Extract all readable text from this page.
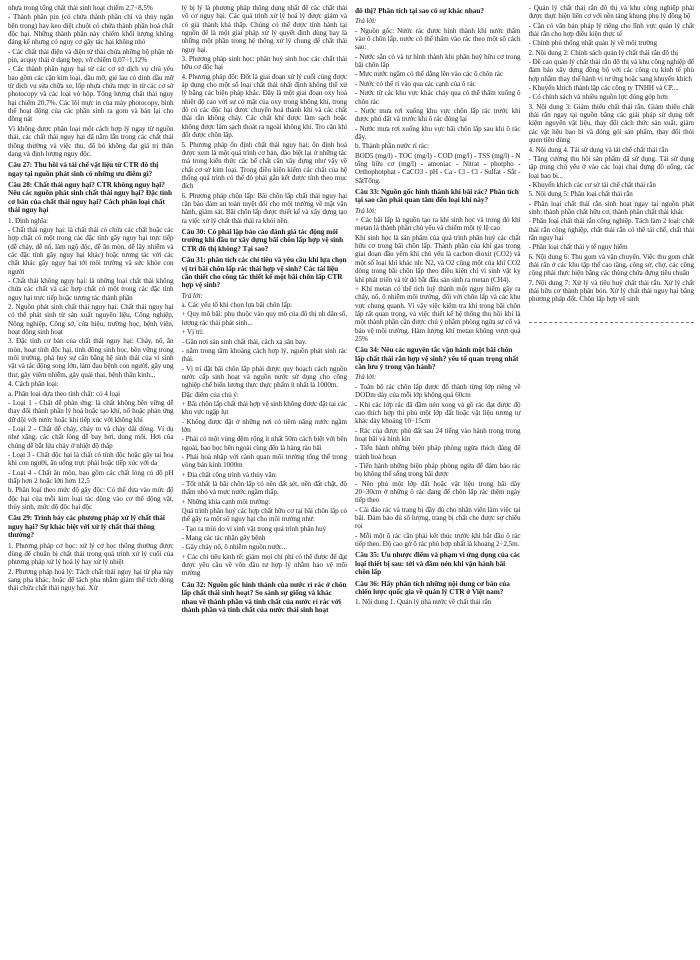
nhựa trong tổng chất thải sinh hoạt chiếm 2,7÷8,5%

- Thành phần pin (có chứa thành phần chì và thủy ngân bên trong) hay keo diệt chuột có chứa thành phần hoá chất độc hại. Những thành phần này chiếm khối lượng không đáng kể nhưng có nguy cơ gây tác hại không nhỏ

- Các chất thải điện và điện tử thải chứa những bộ phận nh pin, acquy thải ở dạng bẹp, vỡ chiếm 0,07÷1,12%

- Các thành phần nguy hại từ các cơ sở dịch vụ chủ yếu bao gồm các cặn kim loại, dầu mỡ, giẻ lau có dính dầu mỡ từ dịch vụ sửa chữa xe, lốp nhựa chứa mực in từ các cơ sở photocopy và các loại vỏ hộp. Tổng lượng chất thải nguy hại chiếm 20,7%. Các lõi mực in của máy photocopy, bình thể hoạt động của các phần sinh ra gom và bán lại cho đồng nát

Vì không được phân loại một cách hợp lý ngay từ nguồn thải, các chất thải nguy hại đã nằm lẫn trong các chất thải thông thường và việc thu, đổ bỏ không đạt giá trị thân dạng và định lượng nguy độc.

Câu 27: Thu hồi và tái chế vật liệu từ CTR đô thị ngay tại nguồn phát sinh có những ưu điểm gì?
Câu 28: Chất thải nguy hại? CTR không nguy hại? Nêu các nguồn phát sinh chất thải nguy hại? Đặc tính cơ bản của chất thải nguy hại? Cách phân loại chất thải nguy hại

1. Định nghĩa:

- Chất thải nguy hại: là chất thải có chứa các chất hoặc các hợp chất có một trong các đặc tính gây nguy hại trực tiếp (dễ cháy, dễ nổ, làm ngộ độc, dễ ăn mòn, dễ lây nhiễm và các đặc tính gây nguy hại khác) hoặc tương tác với các chất khác gây nguy hại tới môi trường và sức khỏe con người

- Chất thải không nguy hại: là những loại chất thải không chứa các chất và các hợp chất có một trong các đặc tính nguy hại trực tiếp hoặc tương tác thành phần

2. Nguồn phát sinh chất thải nguy hại: Chất thải nguy hại có thể phát sinh từ sản xuất nguyên liệu, Công nghiệp, Nông nghiệp, Công sở, cửa hiệu, trường học, bệnh viện, hoạt động sinh hoạt

3. Đặc tính cơ bản của chất thải nguy hại: Cháy, nổ, ăn mòn, hoạt tính độc hại, tính đồng sinh học, bền vững trong môi trường, phá huỷ sự cân bằng hệ sinh thái của vi sinh vật và tác động song lớn, làm đau bệnh con người, gây ung thư, gây viêm nhiễm, gây quái thai, bệnh thần kinh...

4. Cách phân loại:

a. Phân loại dựa theo tính chất: có 4 loại

- Loại 1 - Chất dễ phản ứng: là chất không bền vững dễ thay đổi thành phần lý hoá hoặc tạo khí, nổ hoặc phản ứng dữ dội với nước hoặc khi tiếp xúc với không khí

- Loại 2 - Chất dễ cháy, cháy to và chảy dài dòng. Ví dụ như xăng, các chất lỏng dễ bay hơi, dung môi. Hơi của chúng dễ bắt lửa cháy ở nhiệt độ thấp

- Loại 3 - Chất độc hại là chất có tính độc hoặc gây tai hoạ khi con người, ăn uống trực phải hoặc tiếp xúc với da

- Loại 4 - Chất ăn mòn, bao gồm các chất lỏng có độ pH thấp hơn 2 hoặc lớn hơn 12,5

b. Phân loại theo mức độ gây độc: Có thể dựa vào mức độ độc hại của mỗi kim loại tác động vào cơ thể động vật, thủy sinh, mức độ độc hại độc

Câu 29: Trình bày các phương pháp xử lý chất thải nguy hại? Sự khác biệt với xử lý chất thải thông thường?

1. Phương pháp cơ học: xử lý cơ học thông thường được dùng để chuẩn bị chất thải trong quá trình xử lý cuối của phương pháp xử lý hoá lý hay xử lý nhiệt

2. Phương pháp hoá lý: Tách chất thải nguy hại từ pha này sang pha khác, hoặc để tách pha nhằm giảm thể tích dòng thải chứa chất thải nguy hại. Xử

lý bị lý là phương pháp thông dụng nhất để các chất thải vô cơ nguy hại. Các quá trình xử lý hoá lý được giảm và có giá thành khả thấp. Chúng có thể được tính hành tại nguồn để là một giai pháp xử lý quyết định dùng hay là những một phần trong hệ thống xử lý chung để chất thải nguy hại.

3. Phương pháp sinh học: phân huỷ sinh học các chất thải hữu cơ độc hại

4. Phương pháp đốt: Đốt là giai đoạn xử lý cuối cùng được áp dụng cho một số loại chất thải nhất định không thể xử lý bằng các biện pháp khác. Đây là một giai đoạn oxy hoá nhiệt độ cao với sự có mặt của oxy trong không khí, trong đó có các độc hại được chuyển hoá thành khí và các chất thải rắn không cháy. Các chất khí được làm sạch hoặc không được làm sạch thoát ra ngoài không khí. Tro cặn khi đốt được chôn lấp.

5. Phương pháp ổn định chất thải nguy hại: ổn định hoá được xem là một quá trình cơ bản, đảo biệt lại ở những tác mà trong kiến ​​thức các bể chất cần xây dựng như vậy về chất cơ sở kim loại. Trong điều kiện kiểm các chất của hệ thống quá trình có thể đó phải gắn kết được tính theo mục đích

6. Phương pháp chôn lấp: Bãi chôn lấp chất thải nguy hại cần bảo đảm an toàn tuyệt đối cho môi trường về mặt vận hành, giám sát. Bãi chôn lấp được thiết kế và xây dựng tạo ra việc xử lý chất thải thải ra khỏi nền.

Câu 30: Có phải lập báo cáo đánh giá tác động môi trường khi đầu tư xây dựng bãi chôn lấp hợp vệ sinh CTR đô thị không? Tại sao?
Câu 31: phân tích các chỉ tiêu và yêu cầu khi lựa chọn vị trí bãi chôn lấp rác thải hợp vệ sinh? Các tài liệu cần thiết cho công tác thiết kế một bãi chôn lấp CTR hợp vệ sinh?

Trả lời:

a. Các yếu tố khi chọn lựa bãi chôn lấp:

+ Quy mô bãi: phụ thuộc vào quy mô của đô thị nh dân số, lượng rác thải phát sinh...

+ Vị trí:

- Gần nơi sản sinh chất thải, cách xa sân bay.

- nằm trong tầm khoảng cách hợp lý, nguồn phát sinh rác thải.

- Vị trí đặt bãi chôn lấp phải được quy hoạch cách nguồn nước cấp sinh hoạt và nguồn nước sử dụng cho công nghiệp chế biến lương thực thực phẩm ít nhất là 1000m.

Đặc điểm của chủ ý:

+ Bãi chôn lấp chất thải hợp vệ sinh không được đặt tại các khu vực ngập lụt

- Không được đặt ở những nơi có tiềm năng nước ngầm lớn

- Phải có một vùng đệm rộng ít nhất 50m cách biệt với bên ngoài, bao bọc bên ngoài cùng đến là hàng rào bãi

- Phải hoà nhập với cảnh quan môi trường tổng thể trong vòng bán kính 1000m

+ Địa chất công trình và thủy văn:

- Tốt nhất là bãi chôn lấp có nền đất sét, nền đất chặt, độ thấm nhỏ và mực nước ngầm thấp.

+ Những khía cạnh môi trường:

Quá trình phân huỷ các hợp chất hữu cơ tại bãi chôn lấp có thể gây ra một số nguy hại cho môi trường như:

- Tạo ra mùi do vi sinh vật trong quá trình phân huỷ

- Mang các tác nhân gây bệnh

- Gây cháy nổ, ô nhiễm nguồn nước...

+ Các chỉ tiêu kinh tế: giảm mọi chi phí có thể được để đạt được yêu cầu về vốn đầu tư hợp lý nhằm bảo vệ môi trường

Câu 32: Nguồn gốc hình thành của nước rỉ rác ở chôn lấp chất thải sinh hoạt? So sánh sự giống và khác nhau về thành phần và tính chất của nước rỉ rác với thành phần và tính chất của nước thải sinh hoạt
đô thị? Phân tích tại sao có sự khác nhau?

Trả lời:

- Nguồn gốc: Nước rác được hình thành khi nước thấm vào ô chôn lấp, nước có thể thấm vào rác theo một số cách sau:

- Nước sẵn có và tự hình thành khi phân huỷ hữu cơ trong bãi chôn lấp

- Mực nước ngầm có thể dâng lên vào các ô chôn rác

- Nước có thể rỉ vào qua các cạnh của ô rác

- Nước từ các khu vực khác chảy qua có thể thấm xuống ô chôn rác

- Nước mưa rơi xuống khu vực chôn lấp rác trước khi được phủ đất và trước khi ô rác đóng lại

- Nước mưa rơi xuống khu vực bãi chôn lấp sau khi ô rác đầy.

b. Thành phần nước rỉ rác:

BOD5 (mg/l) - TOC (mg/l) - COD (mg/l) - TSS (mg/l) - N tổng hữu cơ (mg/l) - amoniac - Nitrat - photpho - Orthophotphat - CaCO3 - pH - Ca - Cl - Cl - Sulfat - Sắt - SắtTổng.

Câu 33: Nguồn gốc hình thành khí bãi rác? Phân tích tại sao cần phải quan tâm đến loại khí này?

Trả lời:

+ Các bãi lấp là nguồn tạo ra khí sinh học và trong đó khí metan là thành phần chủ yếu và chiếm một tỷ lệ cao

Khi sinh học là sản phẩm của quá trình phân huỷ các chất hữu cơ trong bãi chôn lấp. Thành phần của khí gas trong giai đoạn đầu yếm khí chủ yếu là cacbon dioxit (CO2) và một số loại khí khác nh: N2, và O2 cũng một của khí CO2 dòng trong bãi chôn lấp theo điều kiện chỉ vì sinh vật kỵ khí phát triển và từ đó bắt đầu sản sinh ra metan (CH4).

+ Khí metan có thể tích luỹ thành một nguy hiểm gây ra cháy, nổ, ô nhiễm môi trường, đối với chôn lấp và các khu vực chung quanh. Vì vậy việc kiểm tra khí trong bãi chôn lấp rất quan trọng, và việc thiết kế hệ thống thu hồi khí là một thành phần cần được chú ý nhằm phòng ngừa sự cố và bảo vệ môi trường. Hàm lượng khí metan không vượt quá 25%

Câu 34: Nêu các nguyên tắc vận hành một bãi chôn lấp chất thải rắn hợp vệ sinh? yêu tố quan trọng nhất cần lưu ý trong vận hành?

Trả lời:

- Toàn bộ rác chôn lấp được đổ thành từng lớp riêng về DODm dày của mỗi lớp không quá 60cm

- Khi các lớp rác đã đầm nén xong và gồ rác đạt được độ cao thích hợp thì phủ một lớp đất hoặc vật liệu tương tự khác dày khoảng 10÷15cm

- Rác của được phủ đất sau 24 tiếng vào hành trong trong hoạt bãi và hình kín

- Tiến hành những biện pháp phòng ngừa thích đáng để tránh hoả hoạn

- Tiến hành những biện pháp phòng ngừa để đảm bảo rác bọ không thể sống trong bãi được

- Nên phủ một lớp đất hoặc vật liệu trong bãi dày 20÷30cm ở những ô rác đang để chôn lấp rác thêm ngày tiếp theo

- Cải đảo rác và trang bị đầy đủ cho nhân viên làm việc tại bãi. Đảm bảo đủ số lượng, trang bị chất che được sự chiếu rọi

- Mỗi một ô rác cần phải kết thúc trước khi bắt đầu ô rác tiếp theo. Độ cao gờ ô rác phù hợp nhất là khoảng 2÷2,5m.

Câu 35: Ưu nhược điểm và phạm vi ứng dụng của các loại thiết bị sau: tời và đầm nén khi vận hành bãi chôn lấp
Câu 36: Hãy phân tích những nội dung cơ bản của chiến lược quốc gia về quản lý CTR ở Việt nam?

1. Nội dung 1. Quản lý nhà nước về chất thải rắn

- Quản lý chất thải rắn đô thị và khu công nghiệp phải được thực hiện liên cơ với nền tảng khung phụ lý đồng bộ

- Cần có văn bản pháp lý riêng cho lĩnh vực quản lý chất thải rắn cho hợp điều kiện thực tế

- Chính phủ thống nhất quản lý về môi trường

2. Nội dung 2: Chính sách quản lý chất thải rắn đô thị

- Đề cao quản lý chất thải rắn đô thị và khu công nghiệp để đảm bảo xây dựng đồng bộ với các công cụ kinh tế phù hợp nhằm thay thế hành vi tư ứng hoặc sang khuyến khích

- Khuyến khích thành lập các công ty TNHH và CP....

- Có chính sách và nhiều nguồn lực đóng góp hơn

3. Nội dung 3: Giảm thiểu chất thải rắn. Giảm thiểu chất thải rắn ngay tại nguồn bằng các giải pháp sử dụng tiết kiệm nguyên vật liệu, thay đổi cách thức sản xuất, giảm các vật liệu bao bì và đóng gói sản phẩm, thay đổi thói quen tiêu dùng

4. Nội dung 4. Tái sử dụng và tái chế chất thải rắn

- Tăng cường thu hồi sản phẩm đã sử dụng. Tái sử dụng tập trung chủ yếu ở vào các loại chai đựng đồ uống, các loại bao bì...

- Khuyến khích các cơ sở tái chế chất thải rắn

5. Nội dung 5: Phân loại chất thải rắn

- Phân loại chất thải rắn sinh hoạt ngay tại nguồn phát sinh: thành phần chất hữu cơ, thành phần chất thải khác

- Phân loại chất thải rắn công nghiệp. Tách làm 2 loại: chất thải rắn công nghiệp, chất thải rắn có thể tái chế, chất thải rắn nguy hại

- Phân loại chất thải y tế nguy hiểm

6. Nội dung 6: Thu gom và vận chuyển. Việc thu gom chất thải rắn ở các khu tập thể cao tầng, công sở, chợ, các công cộng phải thực hiện bằng các thùng chứa đựng tiêu chuẩn

7. Nội dung 7: Xử lý và tiêu huỷ chất thải rắn. Xử lý chất thải hữu cơ thành phân bón. Xử lý chất thải nguy hại bằng phương pháp đốt. Chôn lấp hợp vệ sinh
